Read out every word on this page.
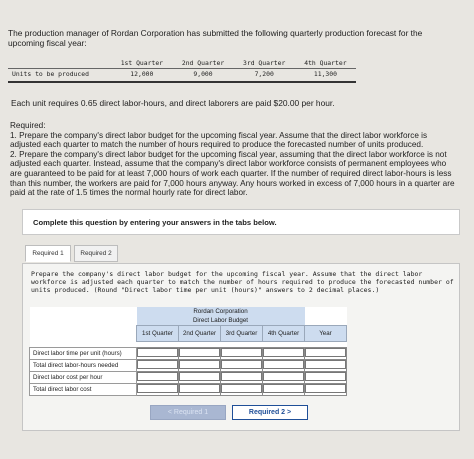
The production manager of Rordan Corporation has submitted the following quarterly production forecast for the upcoming fiscal year:
	1st Quarter	2nd Quarter	3rd Quarter	4th Quarter
Units to be produced	12,000	9,000	7,200	11,300

Each unit requires 0.65 direct labor-hours, and direct laborers are paid $20.00 per hour.

Required:

1. Prepare the company's direct labor budget for the upcoming fiscal year. Assume that the direct labor workforce is adjusted each quarter to match the number of hours required to produce the forecasted number of units produced.

2. Prepare the company's direct labor budget for the upcoming fiscal year, assuming that the direct labor workforce is not adjusted each quarter. Instead, assume that the company's direct labor workforce consists of permanent employees who are guaranteed to be paid for at least 7,000 hours of work each quarter. If the number of required direct labor-hours is less than this number, the workers are paid for 7,000 hours anyway. Any hours worked in excess of 7,000 hours in a quarter are paid at the rate of 1.5 times the normal hourly rate for direct labor.

Complete this question by entering your answers in the tabs below.
Required 1	Required 2
Prepare the company's direct labor budget for the upcoming fiscal year. Assume that the direct labor workforce is adjusted each quarter to match the number of hours required to produce the forecasted number of units produced. (Round "Direct labor time per unit (hours)" answers to 2 decimal places.)
	Rordan Corporation				
	Direct Labor Budget				
	1st Quarter	2nd Quarter	3rd Quarter	4th Quarter	Year

Direct labor time per unit (hours)					
Total direct labor-hours needed					
Direct labor cost per hour					
Total direct labor cost					
< Required 1	Required 2 >
